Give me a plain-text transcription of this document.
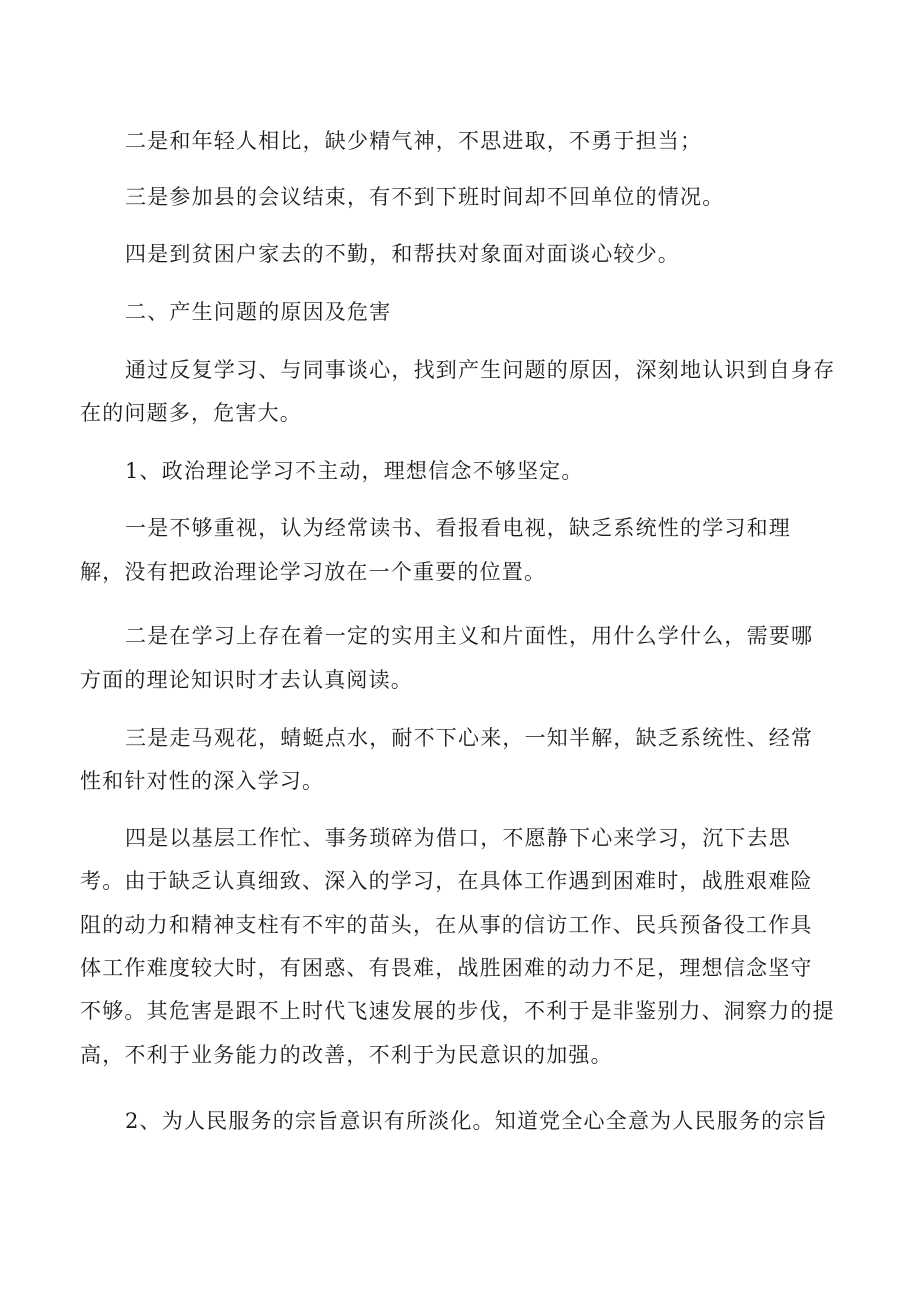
二是和年轻人相比，缺少精气神，不思进取，不勇于担当；
三是参加县的会议结束，有不到下班时间却不回单位的情况。
四是到贫困户家去的不勤，和帮扶对象面对面谈心较少。
二、产生问题的原因及危害
通过反复学习、与同事谈心，找到产生问题的原因，深刻地认识到自身存
在的问题多，危害大。
1、政治理论学习不主动，理想信念不够坚定。
一是不够重视，认为经常读书、看报看电视，缺乏系统性的学习和理
解，没有把政治理论学习放在一个重要的位置。
二是在学习上存在着一定的实用主义和片面性，用什么学什么，需要哪
方面的理论知识时才去认真阅读。
三是走马观花，蜻蜓点水，耐不下心来，一知半解，缺乏系统性、经常
性和针对性的深入学习。
四是以基层工作忙、事务琐碎为借口，不愿静下心来学习，沉下去思
考。由于缺乏认真细致、深入的学习，在具体工作遇到困难时，战胜艰难险
阻的动力和精神支柱有不牢的苗头，在从事的信访工作、民兵预备役工作具
体工作难度较大时，有困惑、有畏难，战胜困难的动力不足，理想信念坚守
不够。其危害是跟不上时代飞速发展的步伐，不利于是非鉴别力、洞察力的提
高，不利于业务能力的改善，不利于为民意识的加强。
2、为人民服务的宗旨意识有所淡化。知道党全心全意为人民服务的宗旨
